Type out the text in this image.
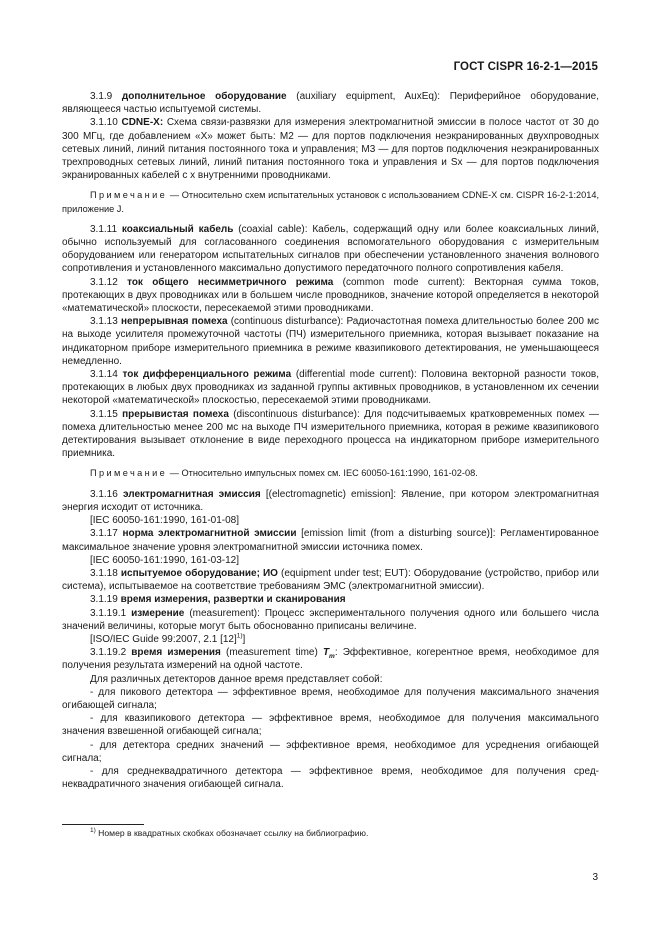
ГОСТ CISPR 16-2-1—2015

3.1.9 дополнительное оборудование (auxiliary equipment, AuxEq): Периферийное оборудование, являющееся частью испытуемой системы.

3.1.10 CDNE-X: Схема связи-развязки для измерения электромагнитной эмиссии в полосе частот от 30 до 300 МГц, где добавлением «X» может быть: M2 — для портов подключения неэкранированных двухпроводных сетевых линий, линий питания постоянного тока и управления; M3 — для портов подключения неэкранированных трехпроводных сетевых линий, линий питания постоянного тока и управления и Sx — для портов подключения экранированных кабелей с x внутренними проводниками.

Примечание — Относительно схем испытательных установок с использованием CDNE-X см. CISPR 16-2-1:2014, приложение J.

3.1.11 коаксиальный кабель (coaxial cable): Кабель, содержащий одну или более коаксиальных линий, обычно используемый для согласованного соединения вспомогательного оборудования с измерительным оборудованием или генератором испытательных сигналов при обеспечении установленного значения волнового сопротивления и установленного максимально допустимого передаточного полного сопротивления кабеля.

3.1.12 ток общего несимметричного режима (common mode current): Векторная сумма токов, протекающих в двух проводниках или в большем числе проводников, значение которой определяется в некоторой «математической» плоскости, пересекаемой этими проводниками.

3.1.13 непрерывная помеха (continuous disturbance): Радиочастотная помеха длительностью более 200 мс на выходе усилителя промежуточной частоты (ПЧ) измерительного приемника, которая вызывает показание на индикаторном приборе измерительного приемника в режиме квазипикового детектирования, не уменьшающееся немедленно.

3.1.14 ток дифференциального режима (differential mode current): Половина векторной разности токов, протекающих в любых двух проводниках из заданной группы активных проводников, в установленном их сечении некоторой «математической» плоскостью, пересекаемой этими проводниками.

3.1.15 прерывистая помеха (discontinuous disturbance): Для подсчитываемых кратковременных помех — помеха длительностью менее 200 мс на выходе ПЧ измерительного приемника, которая в режиме квазипикового детектирования вызывает отклонение в виде переходного процесса на индикаторном приборе измерительного приемника.

Примечание — Относительно импульсных помех см. IEC 60050-161:1990, 161-02-08.

3.1.16 электромагнитная эмиссия [(electromagnetic) emission]: Явление, при котором электромагнитная энергия исходит от источника.

[IEC 60050-161:1990, 161-01-08]

3.1.17 норма электромагнитной эмиссии [emission limit (from a disturbing source)]: Регламентированное максимальное значение уровня электромагнитной эмиссии источника помех.

[IEC 60050-161:1990, 161-03-12]

3.1.18 испытуемое оборудование; ИО (equipment under test; EUT): Оборудование (устройство, прибор или система), испытываемое на соответствие требованиям ЭМС (электромагнитной эмиссии).

3.1.19 время измерения, развертки и сканирования

3.1.19.1 измерение (measurement): Процесс экспериментального получения одного или большего числа значений величины, которые могут быть обоснованно приписаны величине.

[ISO/IEC Guide 99:2007, 2.1 $[12]^{1)}$]

3.1.19.2 время измерения (measurement time) $T_m$: Эффективное, когерентное время, необходимое для получения результата измерений на одной частоте.

Для различных детекторов данное время представляет собой:

- для пикового детектора — эффективное время, необходимое для получения максимального значения огибающей сигнала;

- для квазипикового детектора — эффективное время, необходимое для получения максимального значения взвешенной огибающей сигнала;

- для детектора средних значений — эффективное время, необходимое для усреднения огибающей сигнала;

- для среднеквадратичного детектора — эффективное время, необходимое для получения среднеквадратичного значения огибающей сигнала.

$^{1)}$ Номер в квадратных скобках обозначает ссылку на библиографию.
3
